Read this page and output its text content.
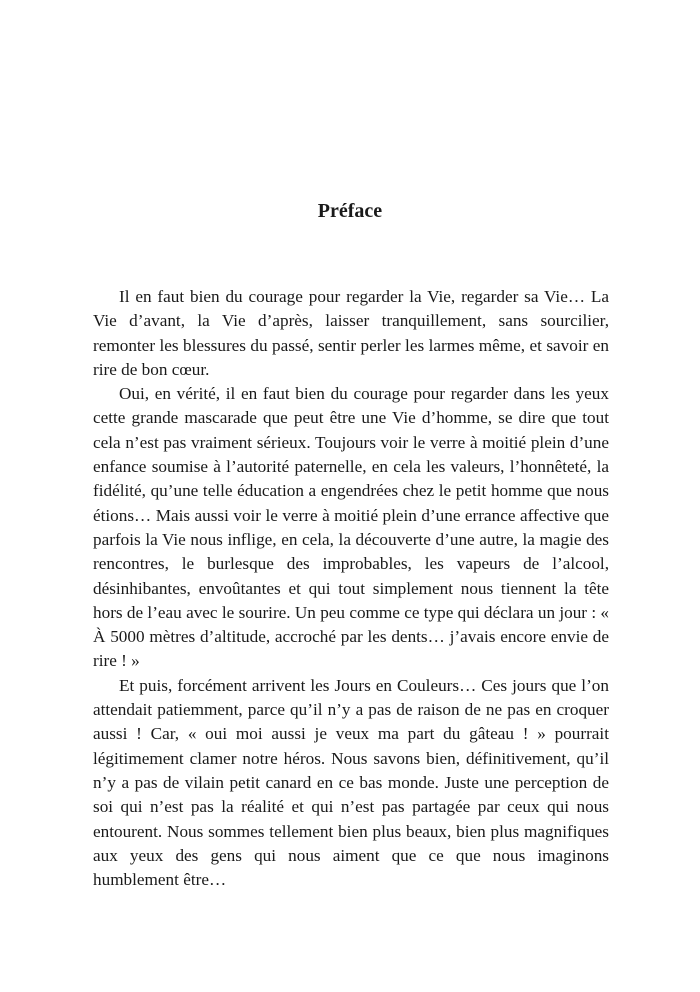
Préface

Il en faut bien du courage pour regarder la Vie, regarder sa Vie… La Vie d’avant, la Vie d’après, laisser tranquillement, sans sourcilier, remonter les blessures du passé, sentir perler les larmes même, et savoir en rire de bon cœur.

Oui, en vérité, il en faut bien du courage pour regarder dans les yeux cette grande mascarade que peut être une Vie d’homme, se dire que tout cela n’est pas vraiment sérieux. Toujours voir le verre à moitié plein d’une enfance soumise à l’autorité paternelle, en cela les valeurs, l’honnêteté, la fidélité, qu’une telle éducation a engendrées chez le petit homme que nous étions… Mais aussi voir le verre à moitié plein d’une errance affective que parfois la Vie nous inflige, en cela, la découverte d’une autre, la magie des rencontres, le burlesque des improbables, les vapeurs de l’alcool, désinhibantes, envoûtantes et qui tout simplement nous tiennent la tête hors de l’eau avec le sourire. Un peu comme ce type qui déclara un jour : « À 5000 mètres d’altitude, accroché par les dents… j’avais encore envie de rire ! »

Et puis, forcément arrivent les Jours en Couleurs… Ces jours que l’on attendait patiemment, parce qu’il n’y a pas de raison de ne pas en croquer aussi ! Car, « oui moi aussi je veux ma part du gâteau ! » pourrait légitimement clamer notre héros. Nous savons bien, définitivement, qu’il n’y a pas de vilain petit canard en ce bas monde. Juste une perception de soi qui n’est pas la réalité et qui n’est pas partagée par ceux qui nous entourent. Nous sommes tellement bien plus beaux, bien plus magnifiques aux yeux des gens qui nous aiment que ce que nous imaginons humblement être…
